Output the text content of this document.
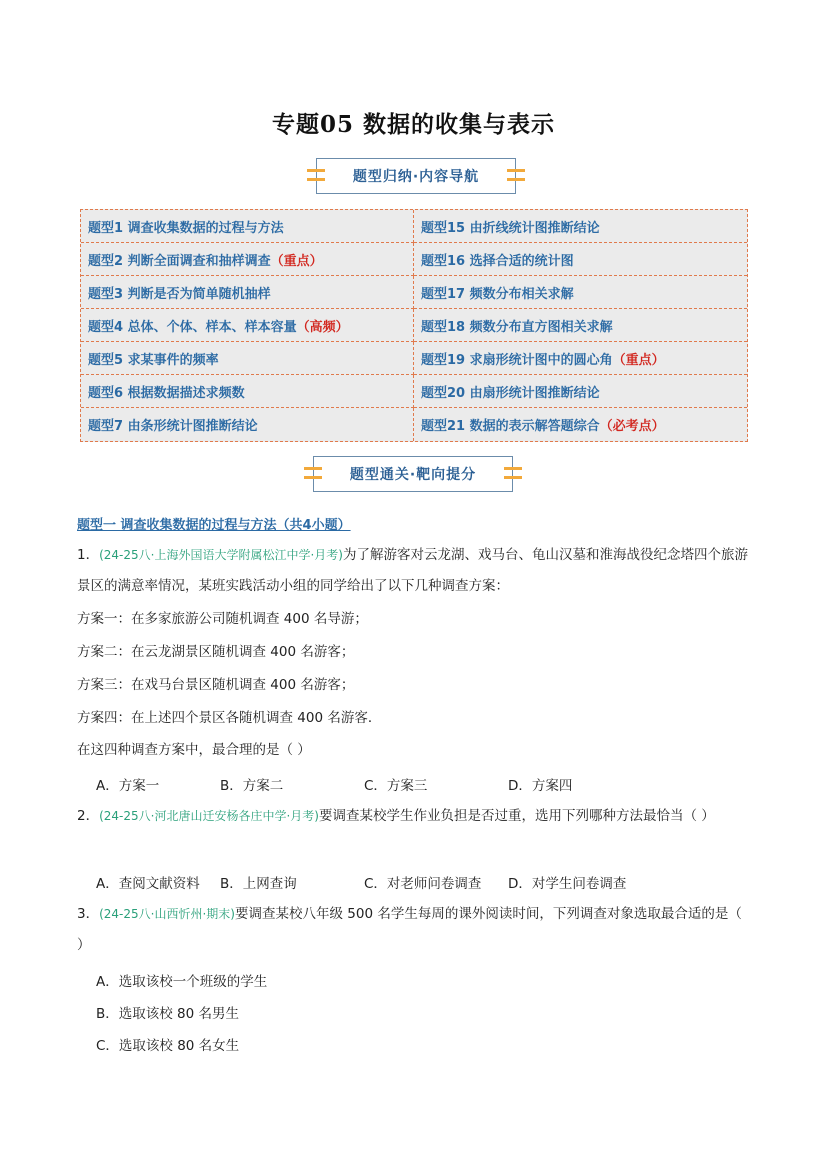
专题05 数据的收集与表示
题型归纳·内容导航
题型1 调查收集数据的过程与方法	题型15 由折线统计图推断结论
题型2 判断全面调查和抽样调查 （重点）	题型16 选择合适的统计图
题型3 判断是否为简单随机抽样	题型17 频数分布相关求解
题型4 总体、个体、样本、样本容量 （高频）	题型18 频数分布直方图相关求解
题型5 求某事件的频率	题型19 求扇形统计图中的圆心角 （重点）
题型6 根据数据描述求频数	题型20 由扇形统计图推断结论
题型7 由条形统计图推断结论	题型21 数据的表示解答题综合 （必考点）
题型通关·靶向提分
题型一 调查收集数据的过程与方法（共4小题）
1．(24-25八·上海外国语大学附属松江中学·月考)为了解游客对云龙湖、戏马台、龟山汉墓和淮海战役纪念塔四个旅游景区的满意率情况，某班实践活动小组的同学给出了以下几种调查方案：
方案一：在多家旅游公司随机调查 400 名导游；
方案二：在云龙湖景区随机调查 400 名游客；
方案三：在戏马台景区随机调查 400 名游客；
方案四：在上述四个景区各随机调查 400 名游客．
在这四种调查方案中，最合理的是（ ）
A．方案一	B．方案二	C．方案三	D．方案四
2．(24-25八·河北唐山迁安杨各庄中学·月考)要调查某校学生作业负担是否过重，选用下列哪种方法最恰当（ ）
A．查阅文献资料 B．上网查询	C．对老师问卷调查 D．对学生问卷调查
3．(24-25八·山西忻州·期末)要调查某校八年级 500 名学生每周的课外阅读时间，下列调查对象选取最合适的是（ ）
A．选取该校一个班级的学生
B．选取该校 80 名男生
C．选取该校 80 名女生
